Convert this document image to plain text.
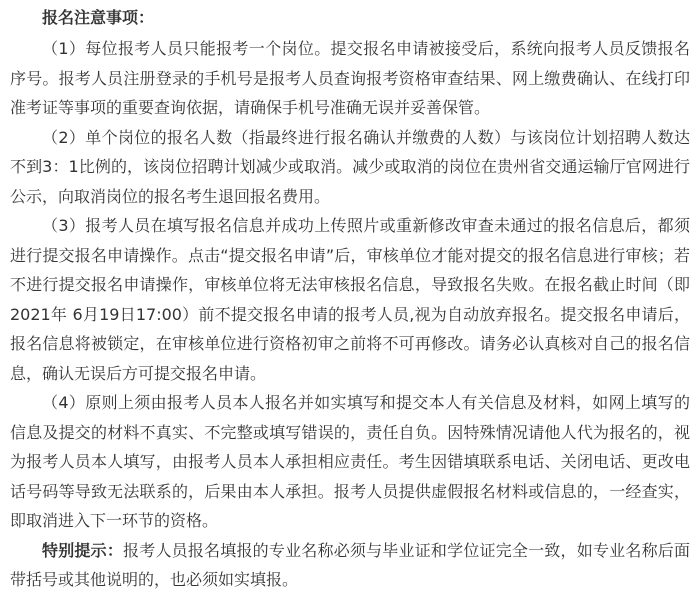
报名注意事项：

（1）每位报考人员只能报考一个岗位。提交报名申请被接受后，系统向报考人员反馈报名序号。报考人员注册登录的手机号是报考人员查询报考资格审查结果、网上缴费确认、在线打印准考证等事项的重要查询依据，请确保手机号准确无误并妥善保管。

（2）单个岗位的报名人数（指最终进行报名确认并缴费的人数）与该岗位计划招聘人数达不到3：1比例的，该岗位招聘计划减少或取消。减少或取消的岗位在贵州省交通运输厅官网进行公示，向取消岗位的报名考生退回报名费用。

（3）报考人员在填写报名信息并成功上传照片或重新修改审查未通过的报名信息后，都须进行提交报名申请操作。点击“提交报名申请”后，审核单位才能对提交的报名信息进行审核；若不进行提交报名申请操作，审核单位将无法审核报名信息，导致报名失败。在报名截止时间（即2021年 6月19日17:00）前不提交报名申请的报考人员,视为自动放弃报名。提交报名申请后，报名信息将被锁定，在审核单位进行资格初审之前将不可再修改。请务必认真核对自己的报名信息，确认无误后方可提交报名申请。

（4）原则上须由报考人员本人报名并如实填写和提交本人有关信息及材料，如网上填写的信息及提交的材料不真实、不完整或填写错误的，责任自负。因特殊情况请他人代为报名的，视为报考人员本人填写，由报考人员本人承担相应责任。考生因错填联系电话、关闭电话、更改电话号码等导致无法联系的，后果由本人承担。报考人员提供虚假报名材料或信息的，一经查实，即取消进入下一环节的资格。

特别提示：报考人员报名填报的专业名称必须与毕业证和学位证完全一致，如专业名称后面带括号或其他说明的，也必须如实填报。
